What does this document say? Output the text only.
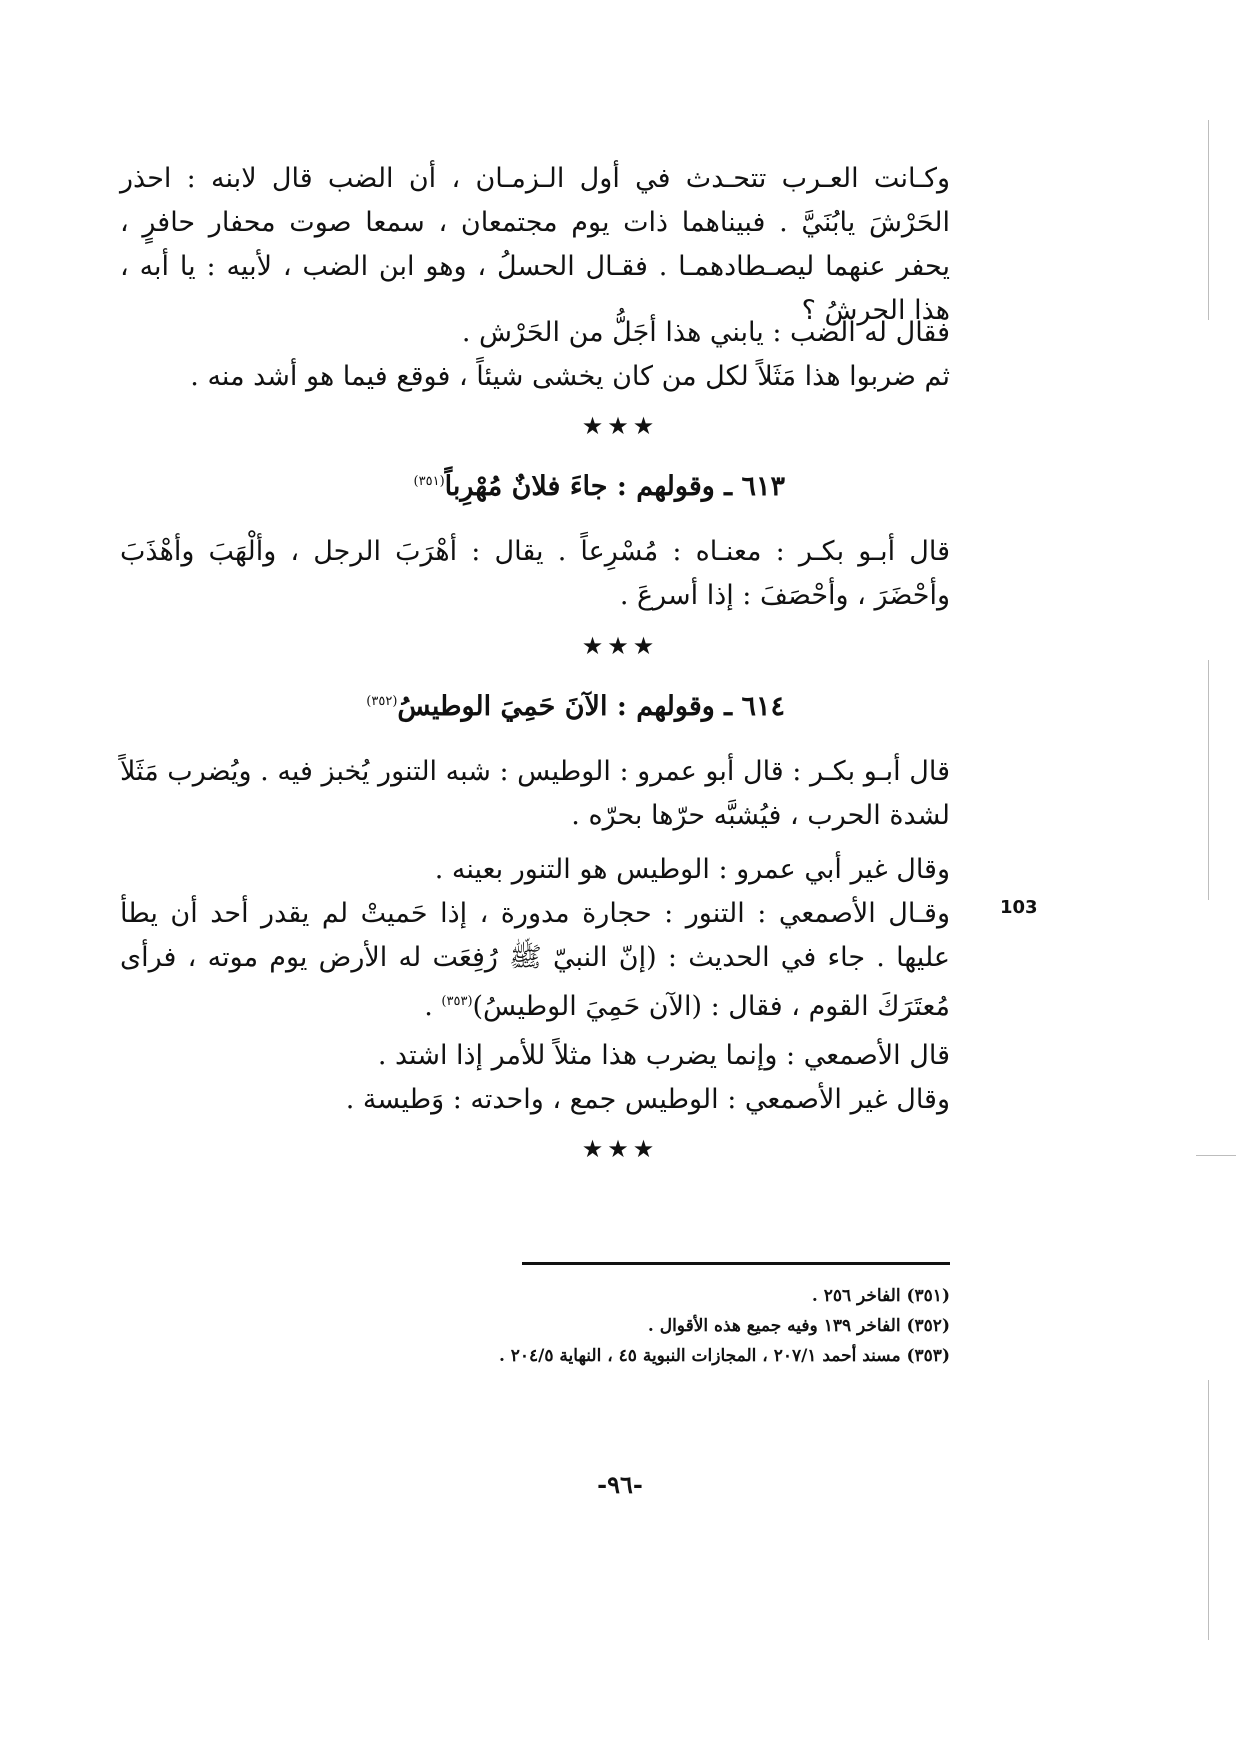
وكـانت العـرب تتحـدث في أول الـزمـان ، أن الضب قال لابنه : احذر الحَرْشَ يابُنَيَّ . فبيناهما ذات يوم مجتمعان ، سمعا صوت محفار حافرٍ ، يحفر عنهما ليصـطادهمـا . فقـال الحسلُ ، وهو ابن الضب ، لأبيه : يا أبه ، هذا الحرشُ ؟

فقال له الضب : يابني هذا أجَلُّ من الحَرْش .
ثم ضربوا هذا مَثَلاً لكل من كان يخشى شيئاً ، فوقع فيما هو أشد منه .
★★★
٦١٣ ـ وقولهم : جاءَ فلانٌ مُهْرِباً$^{(٣٥١)}$

قال أبـو بكـر : معنـاه : مُسْرِعاً . يقال : أهْرَبَ الرجل ، وألْهَبَ وأهْذَبَ وأحْضَرَ ، وأحْصَفَ : إذا أسرعَ .

★★★
٦١٤ ـ وقولهم : الآنَ حَمِيَ الوطيسُ$^{(٣٥٢)}$

قال أبـو بكـر : قال أبو عمرو : الوطيس : شبه التنور يُخبز فيه . ويُضرب مَثَلاً لشدة الحرب ، فيُشبَّه حرّها بحرّه .

وقال غير أبي عمرو : الوطيس هو التنور بعينه .

وقـال الأصمعي : التنور : حجارة مدورة ، إذا حَميتْ لم يقدر أحد أن يطأ عليها . جاء في الحديث : (إنّ النبيّ ﷺ رُفِعَت له الأرض يوم موته ، فرأى مُعتَرَكَ القوم ، فقال : (الآن حَمِيَ الوطيسُ)$^{(٣٥٣)}$ .

قال الأصمعي : وإنما يضرب هذا مثلاً للأمر إذا اشتد .
وقال غير الأصمعي : الوطيس جمع ، واحدته : وَطيسة .
★★★
103
(٣٥١) الفاخر ٢٥٦ .
(٣٥٢) الفاخر ١٣٩ وفيه جميع هذه الأقوال .
(٣٥٣) مسند أحمد ٢٠٧/١ ، المجازات النبوية ٤٥ ، النهاية ٢٠٤/٥ .
-٩٦-
